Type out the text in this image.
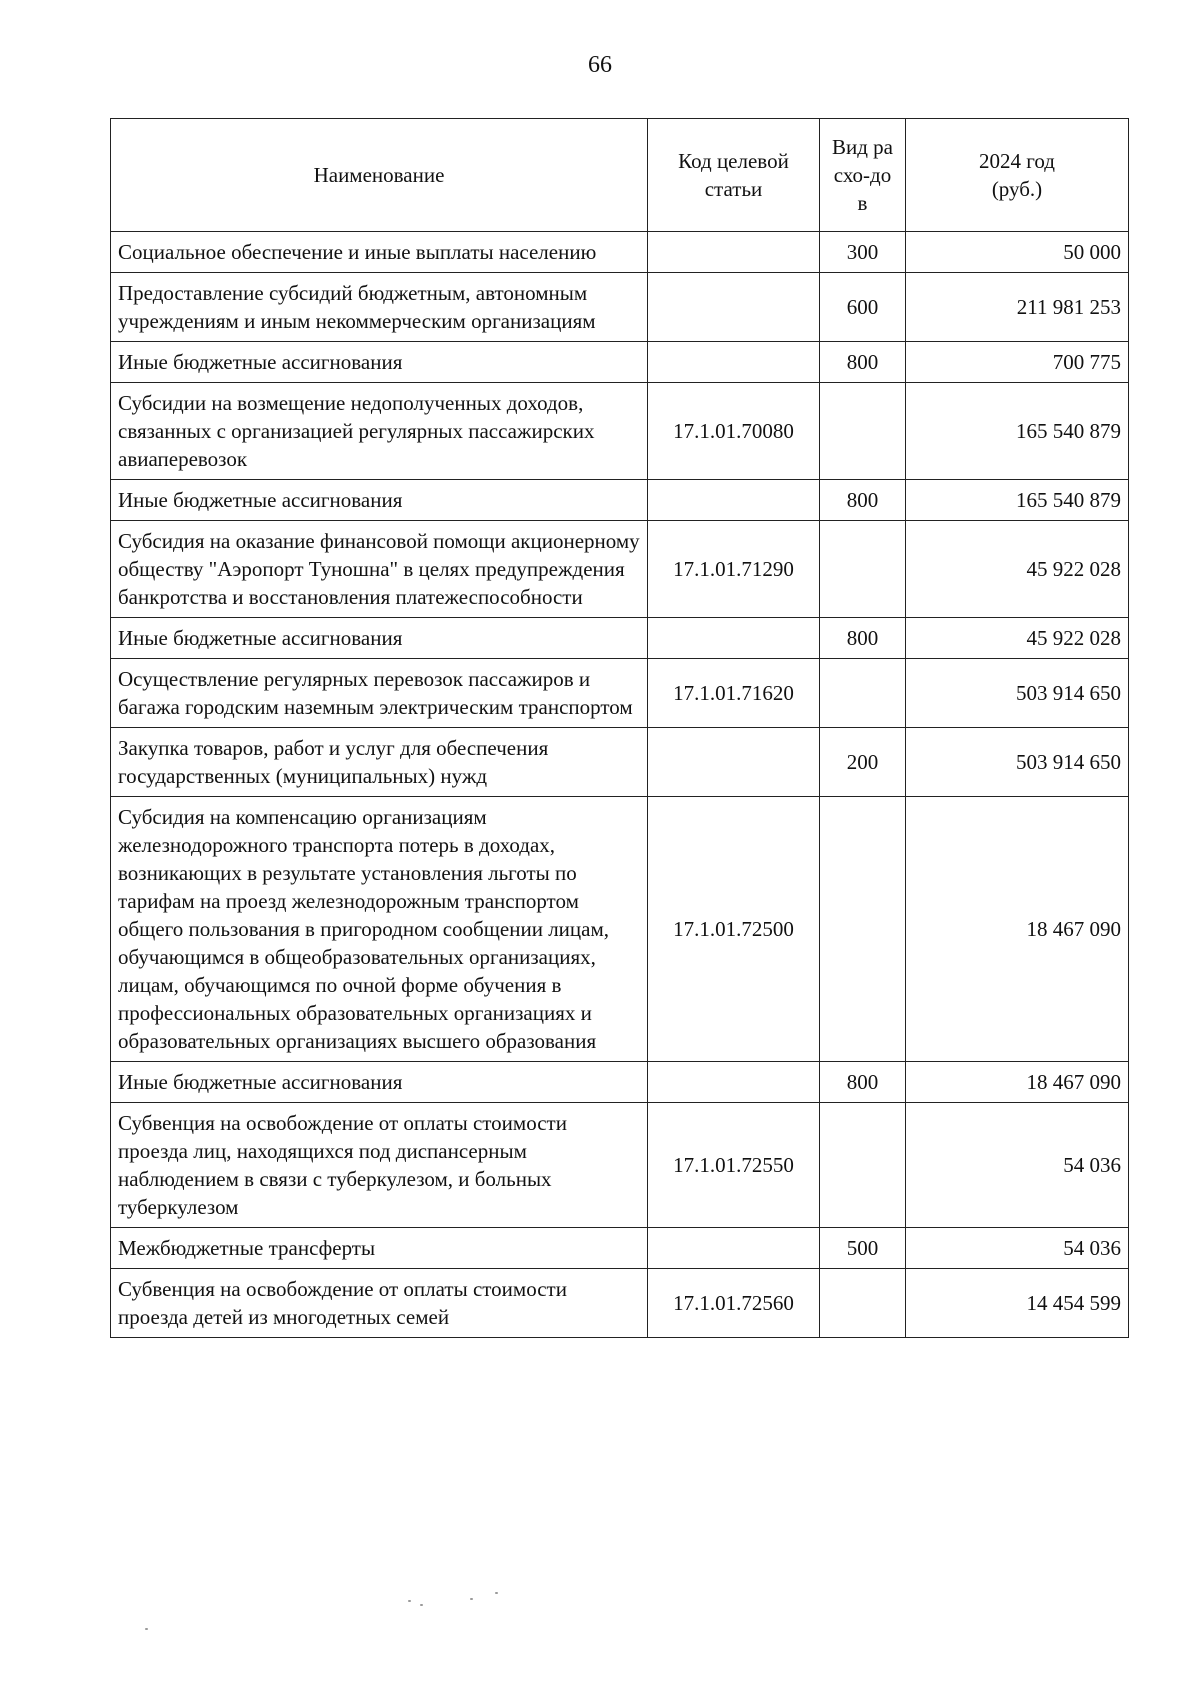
66
Наименование	Код целевой статьи	Вид расхо-дов	2024 год (руб.)
Социальное обеспечение и иные выплаты населению		300	50 000
Предоставление субсидий бюджетным, автономным учреждениям и иным некоммерческим организациям		600	211 981 253
Иные бюджетные ассигнования		800	700 775
Субсидии на возмещение недополученных доходов, связанных с организацией регулярных пассажирских авиаперевозок	17.1.01.70080		165 540 879
Иные бюджетные ассигнования		800	165 540 879
Субсидия на оказание финансовой помощи акционерному обществу "Аэропорт Туношна" в целях предупреждения банкротства и восстановления платежеспособности	17.1.01.71290		45 922 028
Иные бюджетные ассигнования		800	45 922 028
Осуществление регулярных перевозок пассажиров и багажа городским наземным электрическим транспортом	17.1.01.71620		503 914 650
Закупка товаров, работ и услуг для обеспечения государственных (муниципальных) нужд		200	503 914 650
Субсидия на компенсацию организациям железнодорожного транспорта потерь в доходах, возникающих в результате установления льготы по тарифам на проезд железнодорожным транспортом общего пользования в пригородном сообщении лицам, обучающимся в общеобразовательных организациях, лицам, обучающимся по очной форме обучения в профессиональных образовательных организациях и образовательных организациях высшего образования	17.1.01.72500		18 467 090
Иные бюджетные ассигнования		800	18 467 090
Субвенция на освобождение от оплаты стоимости проезда лиц, находящихся под диспансерным наблюдением в связи с туберкулезом, и больных туберкулезом	17.1.01.72550		54 036
Межбюджетные трансферты		500	54 036
Субвенция на освобождение от оплаты стоимости проезда детей из многодетных семей	17.1.01.72560		14 454 599
